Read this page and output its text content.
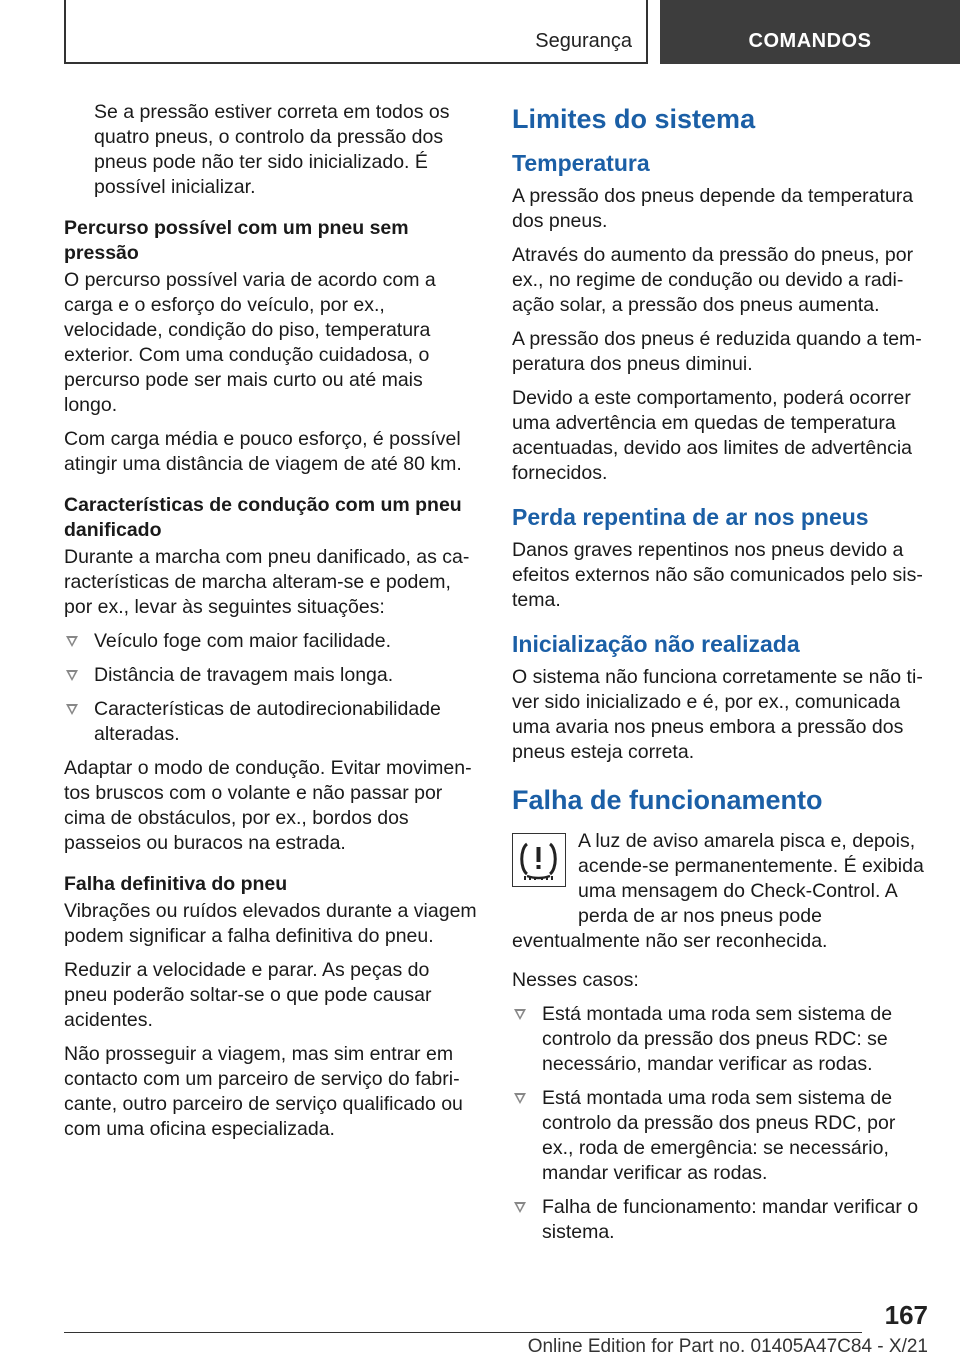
Segurança	COMANDOS

Se a pressão estiver correta em todos os quatro pneus, o controlo da pressão dos pneus pode não ter sido inicializado. É possível inicializar.

Percurso possível com um pneu sem pressão

O percurso possível varia de acordo com a carga e o esforço do veículo, por ex., velocidade, condição do piso, temperatura exterior. Com uma condução cuidadosa, o percurso pode ser mais curto ou até mais longo.

Com carga média e pouco esforço, é possível atingir uma distância de viagem de até 80 km.

Características de condução com um pneu danificado

Durante a marcha com pneu danificado, as características de marcha alteram-se e podem, por ex., levar às seguintes situações:

Veículo foge com maior facilidade.
Distância de travagem mais longa.
Características de autodirecionabilidade alteradas.

Adaptar o modo de condução. Evitar movimentos bruscos com o volante e não passar por cima de obstáculos, por ex., bordos dos passeios ou buracos na estrada.

Falha definitiva do pneu

Vibrações ou ruídos elevados durante a viagem podem significar a falha definitiva do pneu.

Reduzir a velocidade e parar. As peças do pneu poderão soltar-se o que pode causar acidentes.

Não prosseguir a viagem, mas sim entrar em contacto com um parceiro de serviço do fabricante, outro parceiro de serviço qualificado ou com uma oficina especializada.

Limites do sistema
Temperatura

A pressão dos pneus depende da temperatura dos pneus.

Através do aumento da pressão do pneus, por ex., no regime de condução ou devido a radiação solar, a pressão dos pneus aumenta.

A pressão dos pneus é reduzida quando a temperatura dos pneus diminui.

Devido a este comportamento, poderá ocorrer uma advertência em quedas de temperatura acentuadas, devido aos limites de advertência fornecidos.

Perda repentina de ar nos pneus

Danos graves repentinos nos pneus devido a efeitos externos não são comunicados pelo sistema.

Inicialização não realizada

O sistema não funciona corretamente se não tiver sido inicializado e é, por ex., comunicada uma avaria nos pneus embora a pressão dos pneus esteja correta.

Falha de funcionamento

A luz de aviso amarela pisca e, depois, acende-se permanentemente. É exibida uma mensagem do Check-Control. A perda de ar nos pneus pode eventualmente não ser reconhecida.

Nesses casos:

Está montada uma roda sem sistema de controlo da pressão dos pneus RDC: se necessário, mandar verificar as rodas.
Está montada uma roda sem sistema de controlo da pressão dos pneus RDC, por ex., roda de emergência: se necessário, mandar verificar as rodas.
Falha de funcionamento: mandar verificar o sistema.
167
Online Edition for Part no. 01405A47C84 - X/21
